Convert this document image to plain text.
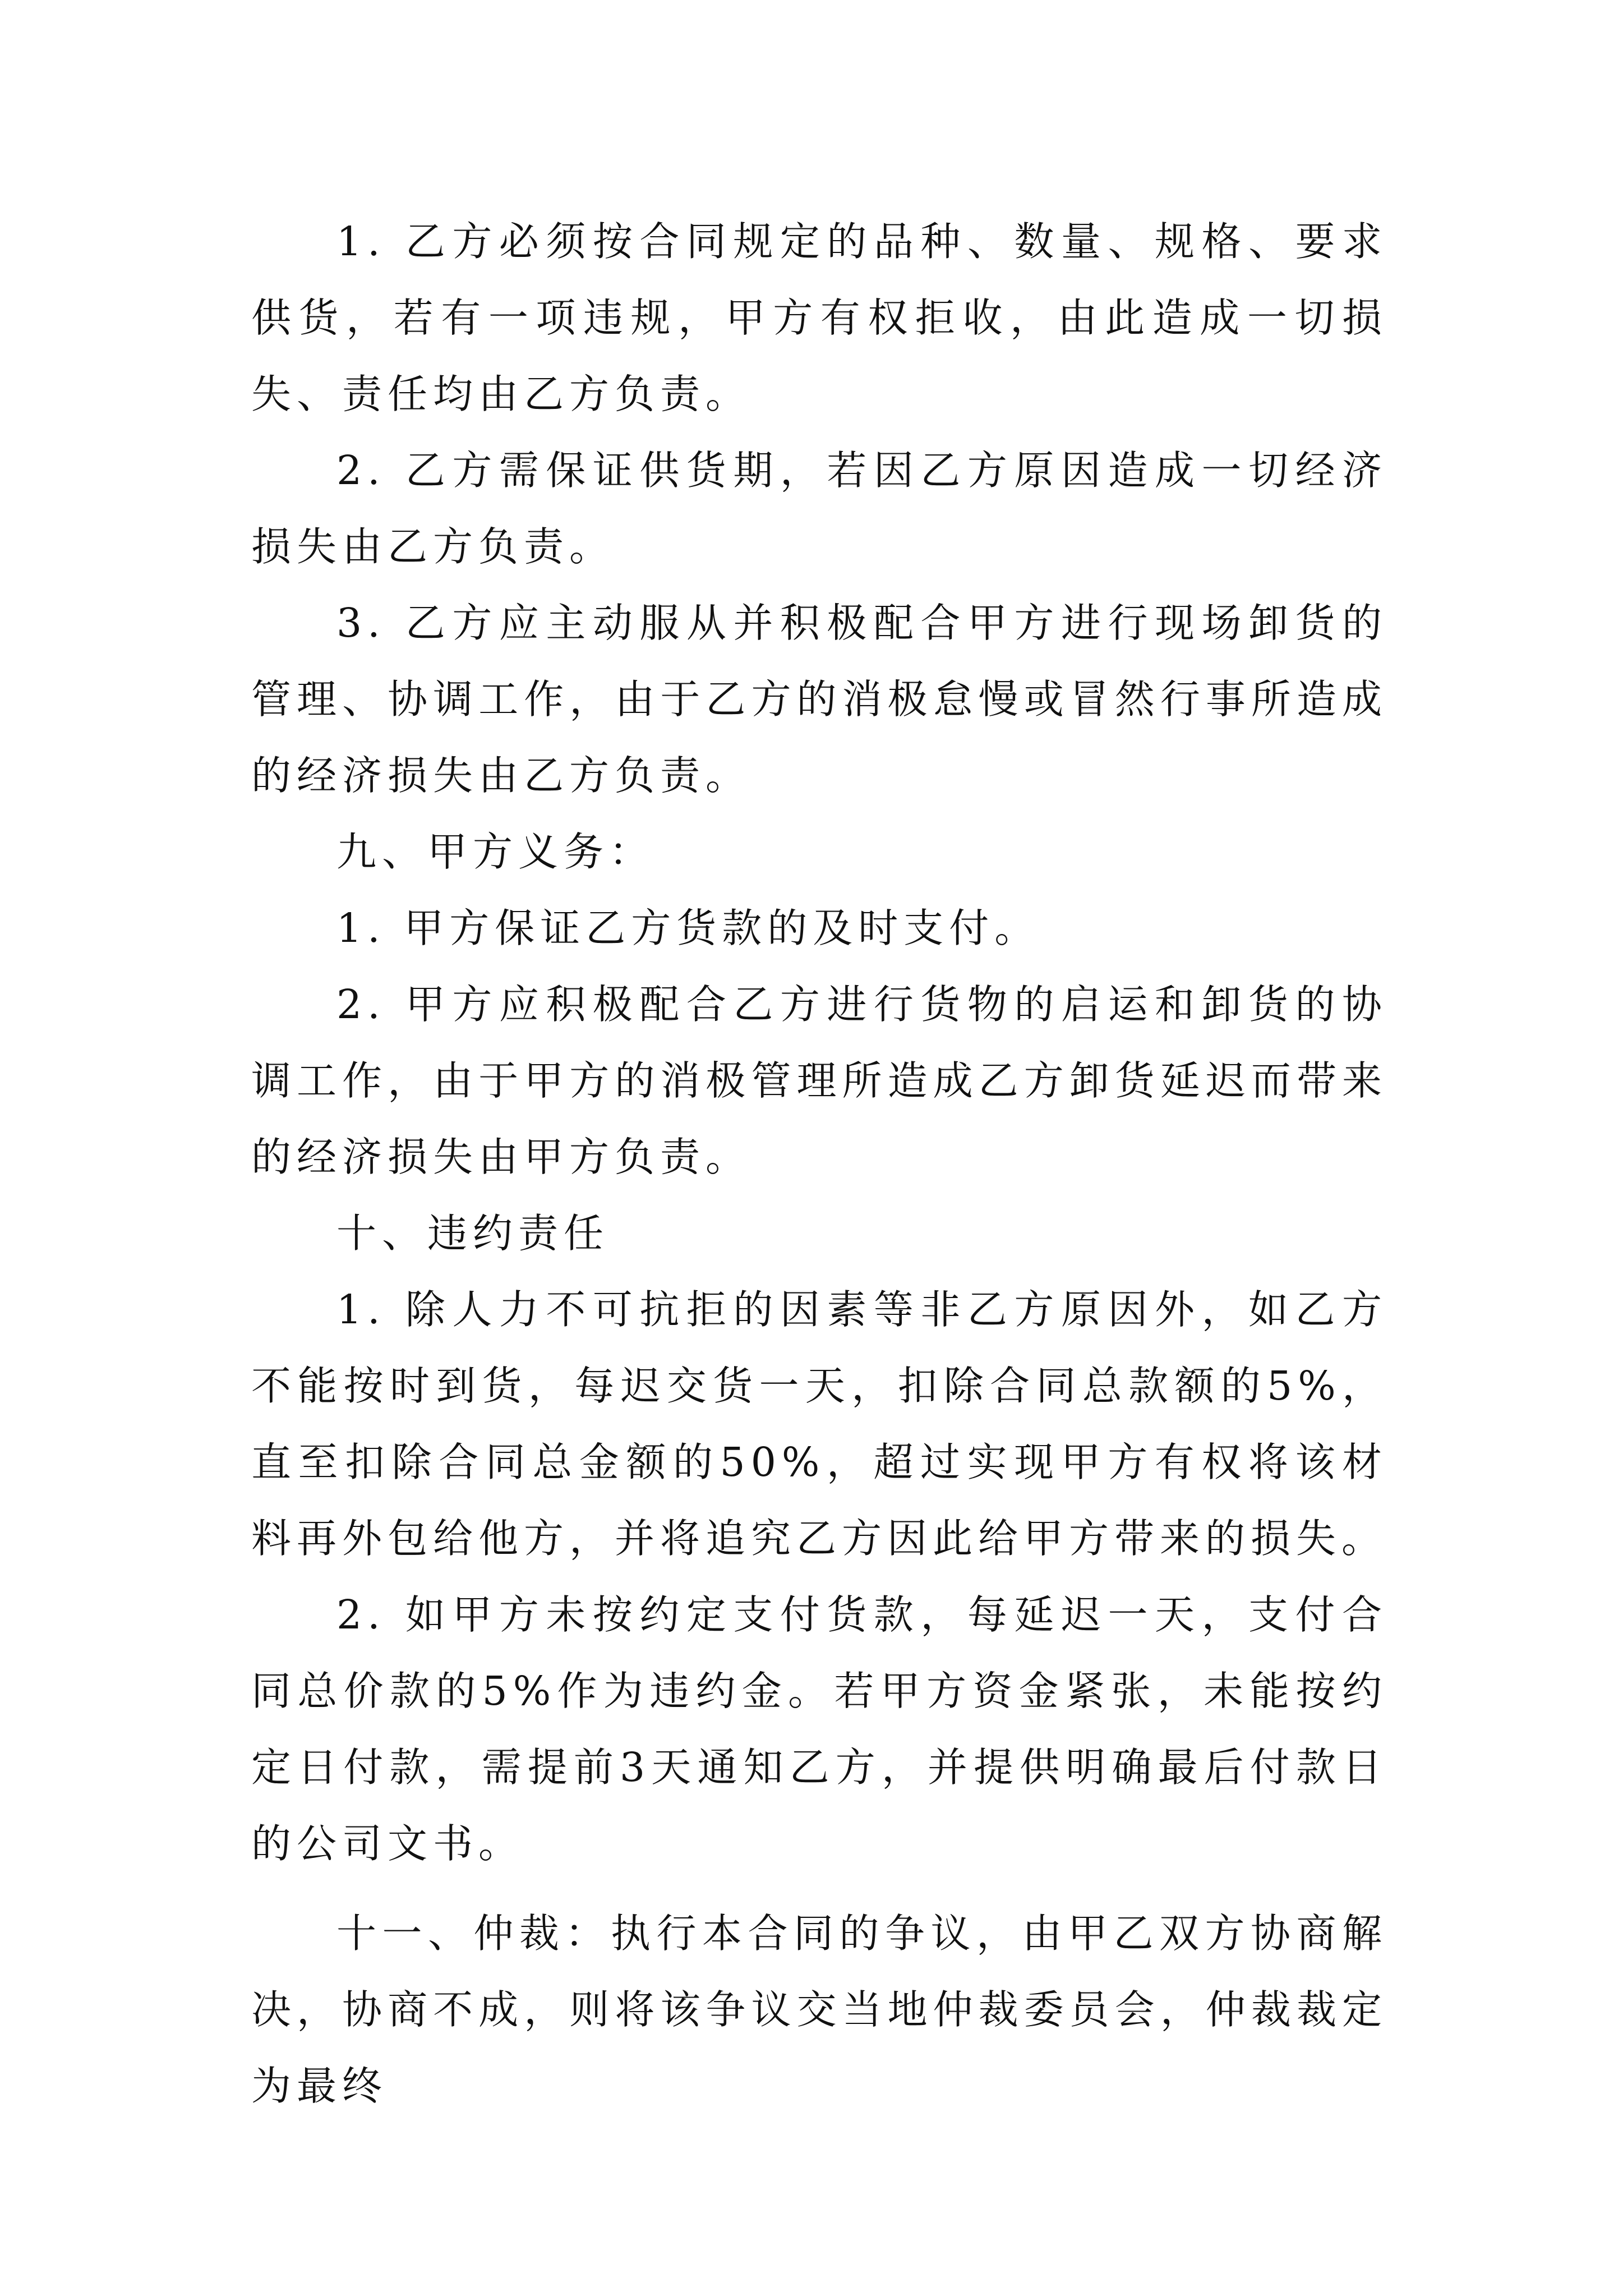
1. 乙方必须按合同规定的品种、数量、规格、要求供货，若有一项违规，甲方有权拒收，由此造成一切损失、责任均由乙方负责。

2. 乙方需保证供货期，若因乙方原因造成一切经济损失由乙方负责。

3. 乙方应主动服从并积极配合甲方进行现场卸货的管理、协调工作，由于乙方的消极怠慢或冒然行事所造成的经济损失由乙方负责。

九、甲方义务：

1. 甲方保证乙方货款的及时支付。

2. 甲方应积极配合乙方进行货物的启运和卸货的协调工作，由于甲方的消极管理所造成乙方卸货延迟而带来的经济损失由甲方负责。

十、违约责任

1. 除人力不可抗拒的因素等非乙方原因外，如乙方不能按时到货，每迟交货一天，扣除合同总款额的5%，直至扣除合同总金额的50%，超过实现甲方有权将该材料再外包给他方，并将追究乙方因此给甲方带来的损失。

2. 如甲方未按约定支付货款，每延迟一天，支付合同总价款的5%作为违约金。若甲方资金紧张，未能按约定日付款，需提前3天通知乙方，并提供明确最后付款日的公司文书。

十一、仲裁：执行本合同的争议，由甲乙双方协商解决，协商不成，则将该争议交当地仲裁委员会，仲裁裁定为最终
